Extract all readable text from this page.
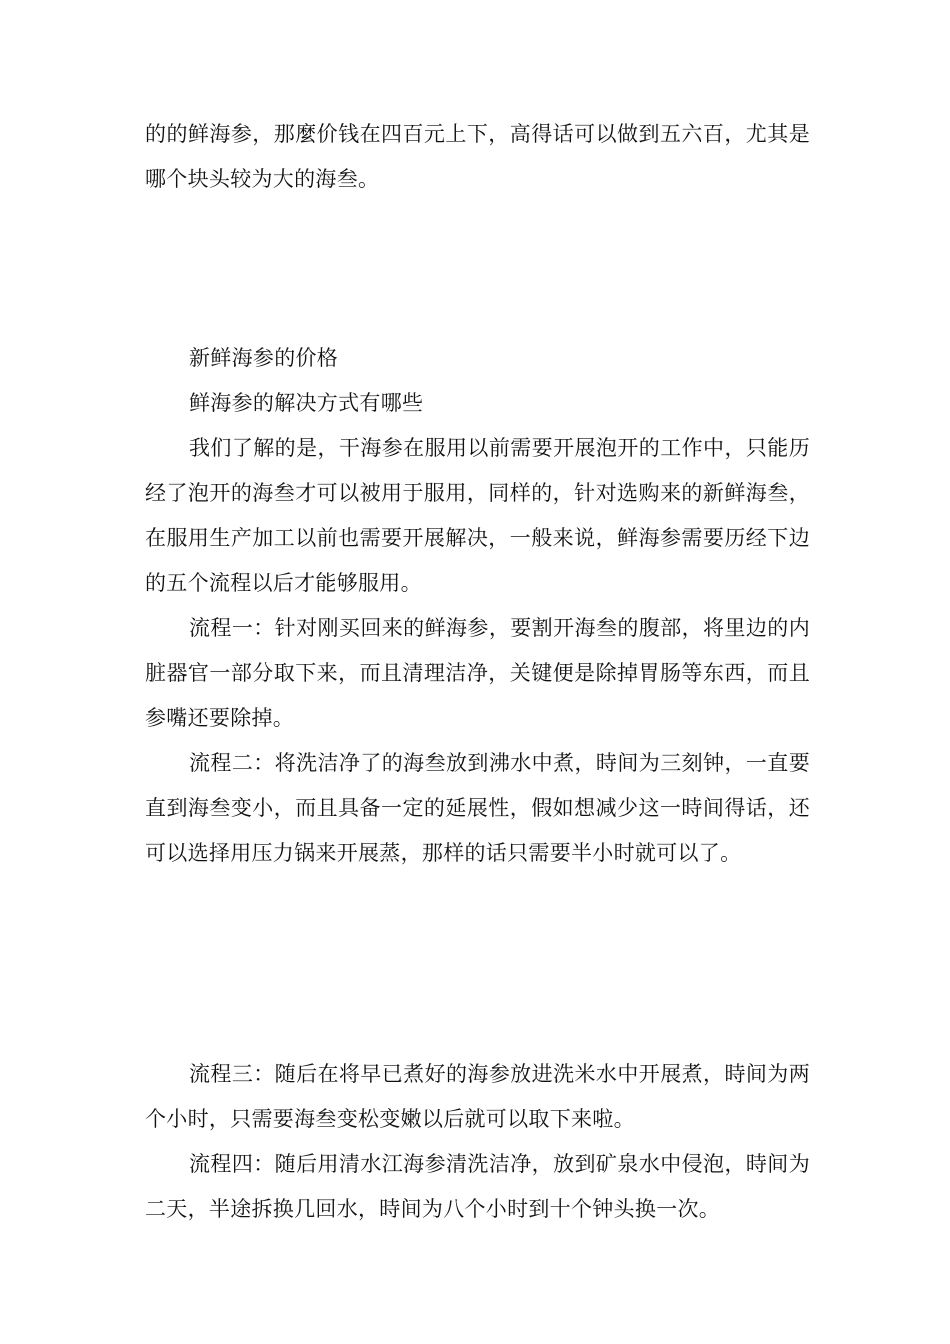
的的鲜海参，那麼价钱在四百元上下，高得话可以做到五六百，尤其是哪个块头较为大的海叁。

新鲜海参的价格

鲜海参的解决方式有哪些

我们了解的是，干海参在服用以前需要开展泡开的工作中，只能历经了泡开的海叁才可以被用于服用，同样的，针对选购来的新鲜海叁，在服用生产加工以前也需要开展解决，一般来说，鲜海参需要历经下边的五个流程以后才能够服用。

流程一：针对刚买回来的鲜海参，要割开海叁的腹部，将里边的内脏器官一部分取下来，而且清理洁净，关键便是除掉胃肠等东西，而且参嘴还要除掉。

流程二：将洗洁净了的海叁放到沸水中煮，時间为三刻钟，一直要直到海叁变小，而且具备一定的延展性，假如想减少这一時间得话，还可以选择用压力锅来开展蒸，那样的话只需要半小时就可以了。

流程三：随后在将早已煮好的海参放进洗米水中开展煮，時间为两个小时，只需要海叁变松变嫩以后就可以取下来啦。

流程四：随后用清水江海参清洗洁净，放到矿泉水中侵泡，時间为二天，半途拆换几回水，時间为八个小时到十个钟头换一次。
